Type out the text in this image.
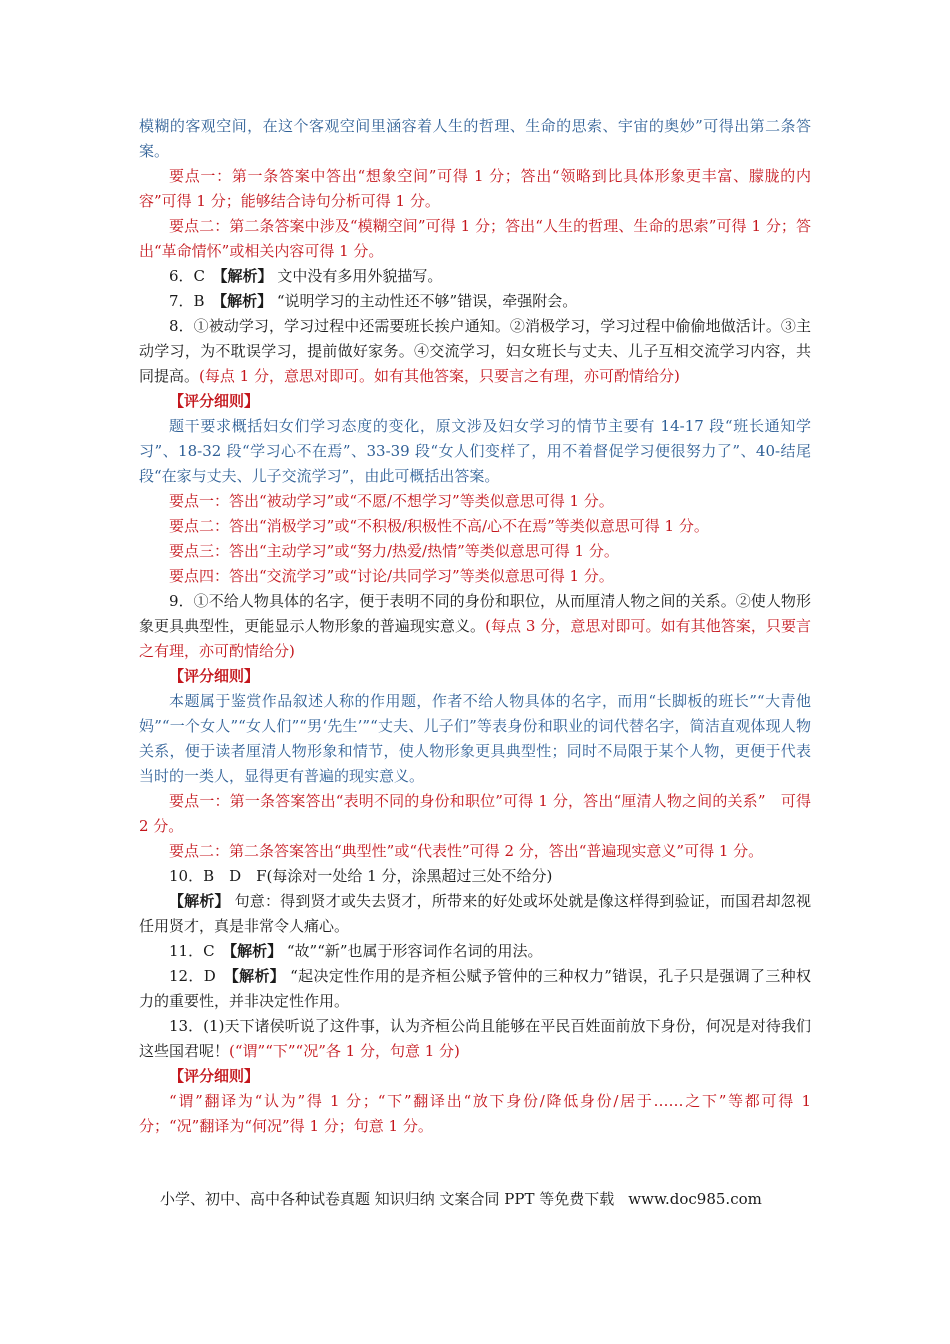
模糊的客观空间，在这个客观空间里涵容着人生的哲理、生命的思索、宇宙的奥妙”可得出第二条答案。

要点一：第一条答案中答出“想象空间”可得 1 分；答出“领略到比具体形象更丰富、朦胧的内容”可得 1 分；能够结合诗句分析可得 1 分。

要点二：第二条答案中涉及“模糊空间”可得 1 分；答出“人生的哲理、生命的思索”可得 1 分；答出“革命情怀”或相关内容可得 1 分。

6．C　【解析】 文中没有多用外貌描写。

7．B　【解析】 “说明学习的主动性还不够”错误，牵强附会。

8．①被动学习，学习过程中还需要班长挨户通知。②消极学习，学习过程中偷偷地做活计。③主动学习，为不耽误学习，提前做好家务。④交流学习，妇女班长与丈夫、儿子互相交流学习内容，共同提高。(每点 1 分，意思对即可。如有其他答案，只要言之有理，亦可酌情给分)

【评分细则】

题干要求概括妇女们学习态度的变化，原文涉及妇女学习的情节主要有 14-17 段“班长通知学习”、18-32 段“学习心不在焉”、33-39 段“女人们变样了，用不着督促学习便很努力了”、40-结尾段“在家与丈夫、儿子交流学习”，由此可概括出答案。

要点一：答出“被动学习”或“不愿/不想学习”等类似意思可得 1 分。

要点二：答出“消极学习”或“不积极/积极性不高/心不在焉”等类似意思可得 1 分。

要点三：答出“主动学习”或“努力/热爱/热情”等类似意思可得 1 分。

要点四：答出“交流学习”或“讨论/共同学习”等类似意思可得 1 分。

9．①不给人物具体的名字，便于表明不同的身份和职位，从而厘清人物之间的关系。②使人物形象更具典型性，更能显示人物形象的普遍现实意义。(每点 3 分，意思对即可。如有其他答案，只要言之有理，亦可酌情给分)

【评分细则】

本题属于鉴赏作品叙述人称的作用题，作者不给人物具体的名字，而用“长脚板的班长”“大青他妈”“一个女人”“女人们”“男‘先生’”“丈夫、儿子们”等表身份和职业的词代替名字，简洁直观体现人物关系，便于读者厘清人物形象和情节，使人物形象更具典型性；同时不局限于某个人物，更便于代表当时的一类人，显得更有普遍的现实意义。

要点一：第一条答案答出“表明不同的身份和职位”可得 1 分，答出“厘清人物之间的关系”　可得 2 分。

要点二：第二条答案答出“典型性”或“代表性”可得 2 分，答出“普遍现实意义”可得 1 分。

10．B　D　F(每涂对一处给 1 分，涂黑超过三处不给分)

【解析】 句意：得到贤才或失去贤才，所带来的好处或坏处就是像这样得到验证，而国君却忽视任用贤才，真是非常令人痛心。

11．C　【解析】 “故”“新”也属于形容词作名词的用法。

12．D　【解析】 “起决定性作用的是齐桓公赋予管仲的三种权力”错误，孔子只是强调了三种权力的重要性，并非决定性作用。

13．(1)天下诸侯听说了这件事，认为齐桓公尚且能够在平民百姓面前放下身份，何况是对待我们这些国君呢！(“谓”“下”“况”各 1 分，句意 1 分)

【评分细则】

“谓”翻译为“认为”得 1 分；“下”翻译出“放下身份/降低身份/居于……之下”等都可得 1 分；“况”翻译为“何况”得 1 分；句意 1 分。

小学、初中、高中各种试卷真题 知识归纳 文案合同 PPT 等免费下载 www.doc985.com
